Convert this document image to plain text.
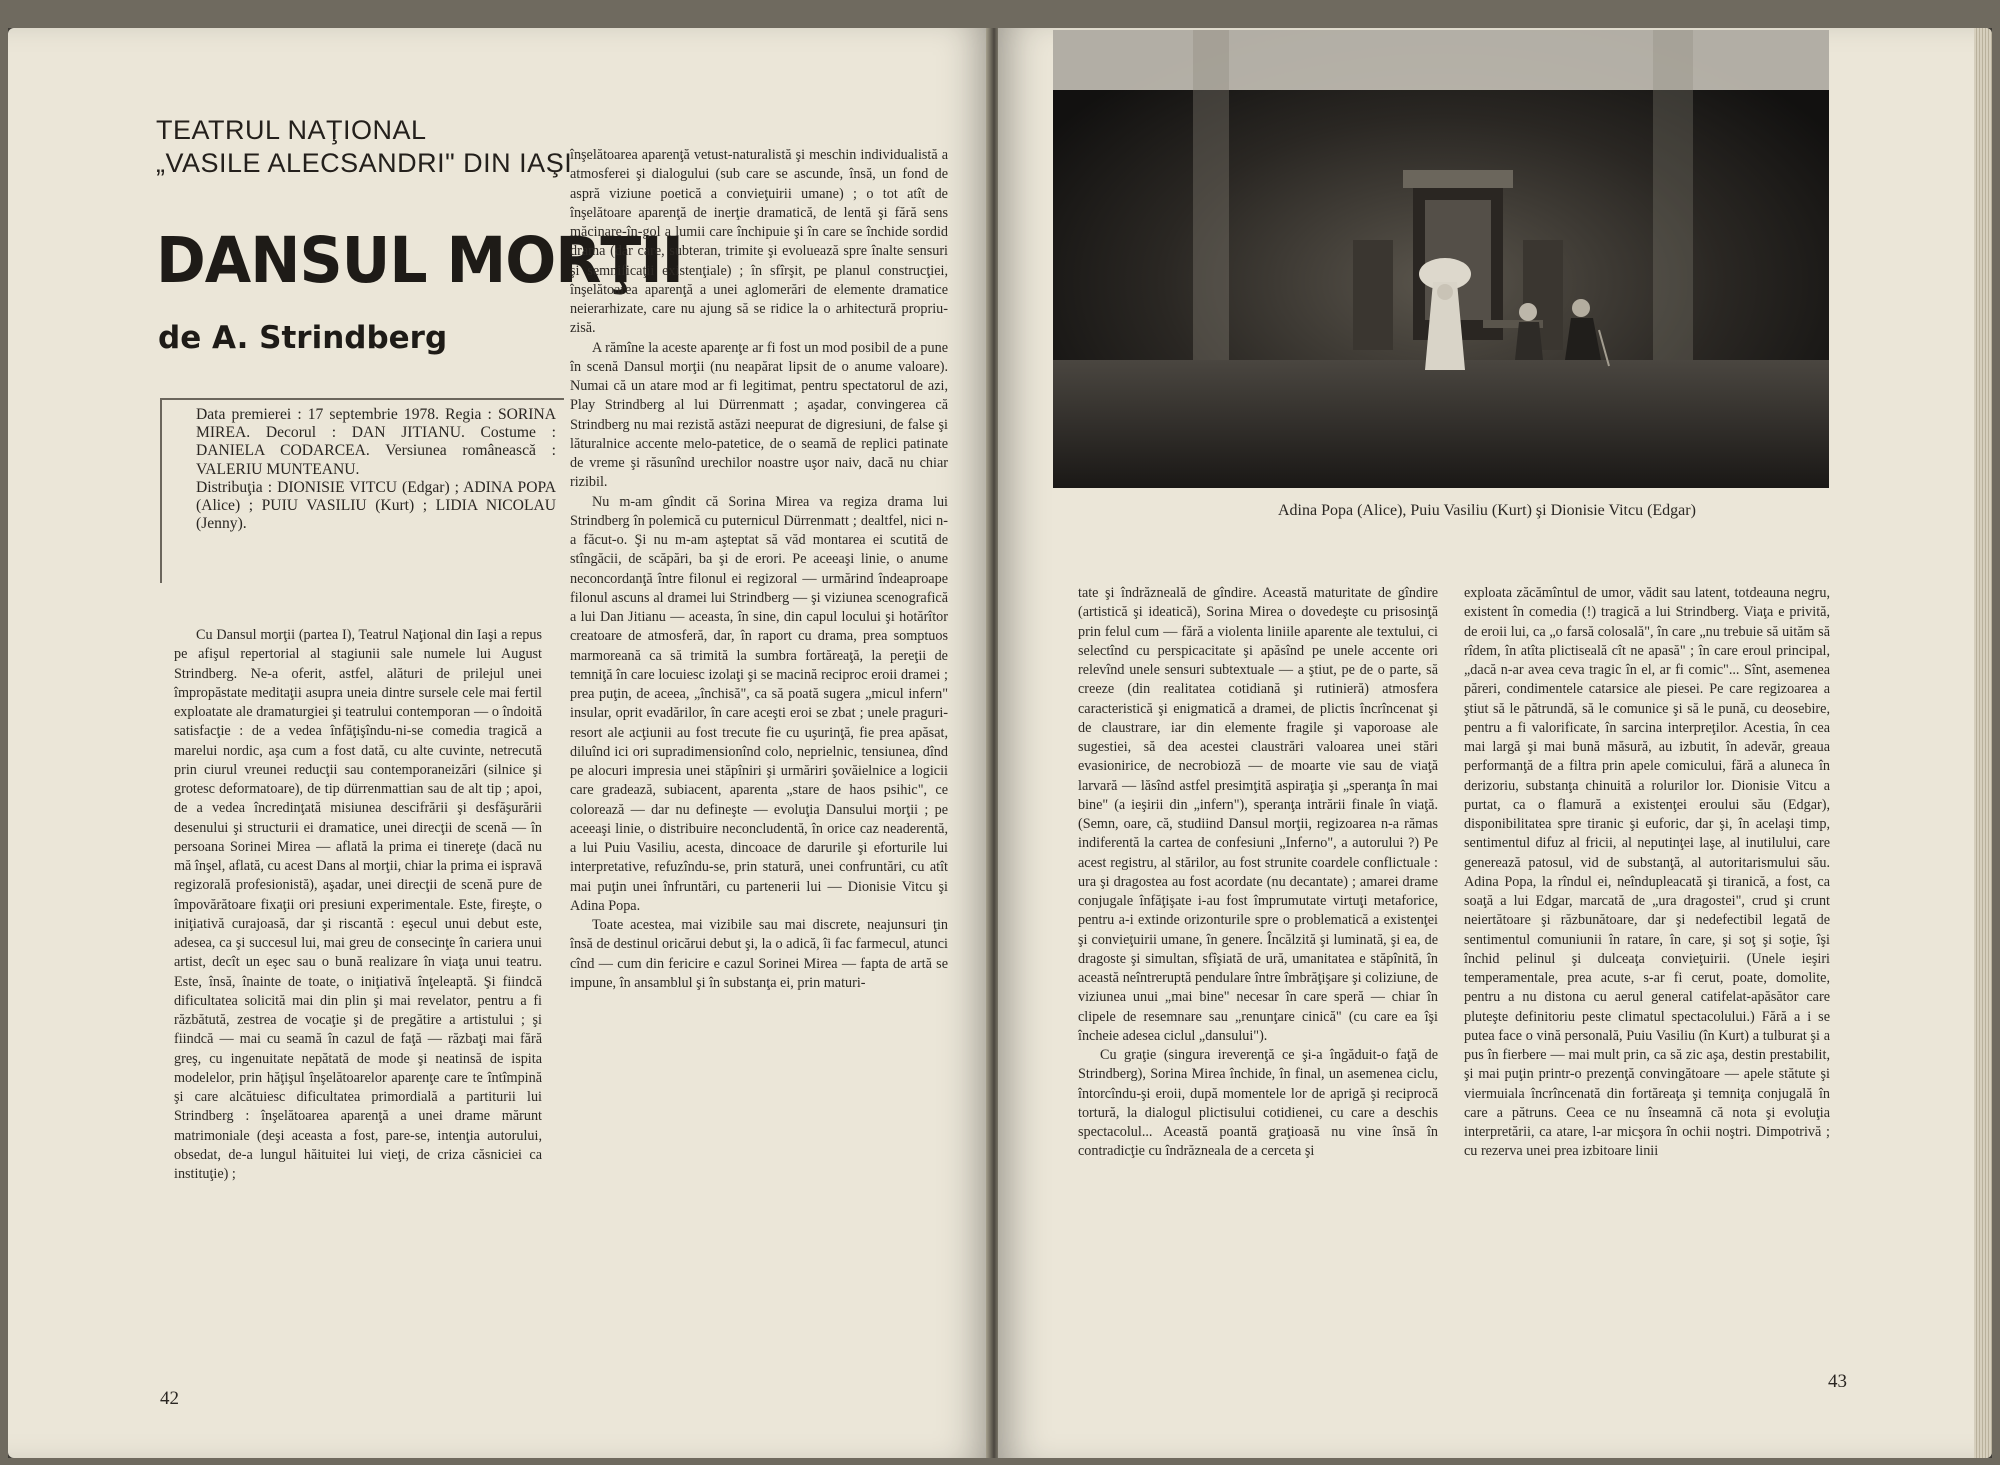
TEATRUL NAŢIONAL
„VASILE ALECSANDRI" DIN IAŞI
DANSUL MORŢII
de A. Strindberg

Data premierei : 17 septembrie 1978. Regia : SORINA MIREA. Decorul : DAN JITIANU. Costume : DANIELA CODARCEA. Versiunea românească : VALERIU MUNTEANU.

Distribuţia : DIONISIE VITCU (Edgar) ; ADINA POPA (Alice) ; PUIU VASILIU (Kurt) ; LIDIA NICOLAU (Jenny).

Cu Dansul morţii (partea I), Teatrul Naţional din Iaşi a repus pe afişul repertorial al stagiunii sale numele lui August Strindberg. Ne-a oferit, astfel, alături de prilejul unei împropăstate meditaţii asupra uneia dintre sursele cele mai fertil exploatate ale dramaturgiei şi teatrului contemporan — o îndoită satisfacţie : de a vedea înfăţişîndu-ni-se comedia tragică a marelui nordic, aşa cum a fost dată, cu alte cuvinte, netrecută prin ciurul vreunei reducţii sau contemporaneizări (silnice şi grotesc deformatoare), de tip dürrenmattian sau de alt tip ; apoi, de a vedea încredinţată misiunea descifrării şi desfăşurării desenului şi structurii ei dramatice, unei direcţii de scenă — în persoana Sorinei Mirea — aflată la prima ei tinereţe (dacă nu mă înşel, aflată, cu acest Dans al morţii, chiar la prima ei ispravă regizorală profesionistă), aşadar, unei direcţii de scenă pure de împovărătoare fixaţii ori presiuni experimentale. Este, fireşte, o iniţiativă curajoasă, dar şi riscantă : eşecul unui debut este, adesea, ca şi succesul lui, mai greu de consecinţe în cariera unui artist, decît un eşec sau o bună realizare în viaţa unui teatru. Este, însă, înainte de toate, o iniţiativă înţeleaptă. Şi fiindcă dificultatea solicită mai din plin şi mai revelator, pentru a fi răzbătută, zestrea de vocaţie şi de pregătire a artistului ; şi fiindcă — mai cu seamă în cazul de faţă — răzbaţi mai fără greş, cu ingenuitate nepătată de mode şi neatinsă de ispita modelelor, prin hăţişul înşelătoarelor aparenţe care te întîmpină şi care alcătuiesc dificultatea primordială a partiturii lui Strindberg : înşelătoarea aparenţă a unei drame mărunt matrimoniale (deşi aceasta a fost, pare-se, intenţia autorului, obsedat, de-a lungul hăituitei lui vieţi, de criza căsniciei ca instituţie) ;

înşelătoarea aparenţă vetust-naturalistă şi meschin individualistă a atmosferei şi dialogului (sub care se ascunde, însă, un fond de aspră viziune poetică a convieţuirii umane) ; o tot atît de înşelătoare aparenţă de inerţie dramatică, de lentă şi fără sens măcinare-în-gol a lumii care închipuie şi în care se închide sordid drama (dar care, subteran, trimite şi evoluează spre înalte sensuri şi semnificaţii existenţiale) ; în sfîrşit, pe planul construcţiei, înşelătoarea aparenţă a unei aglomerări de elemente dramatice neierarhizate, care nu ajung să se ridice la o arhitectură propriu-zisă.

A rămîne la aceste aparenţe ar fi fost un mod posibil de a pune în scenă Dansul morţii (nu neapărat lipsit de o anume valoare). Numai că un atare mod ar fi legitimat, pentru spectatorul de azi, Play Strindberg al lui Dürrenmatt ; aşadar, convingerea că Strindberg nu mai rezistă astăzi neepurat de digresiuni, de false şi lăturalnice accente melo-patetice, de o seamă de replici patinate de vreme şi răsunînd urechilor noastre uşor naiv, dacă nu chiar rizibil.

Nu m-am gîndit că Sorina Mirea va regiza drama lui Strindberg în polemică cu puternicul Dürrenmatt ; dealtfel, nici n-a făcut-o. Şi nu m-am aşteptat să văd montarea ei scutită de stîngăcii, de scăpări, ba şi de erori. Pe aceeaşi linie, o anume neconcordanţă între filonul ei regizoral — urmărind îndeaproape filonul ascuns al dramei lui Strindberg — şi viziunea scenografică a lui Dan Jitianu — aceasta, în sine, din capul locului şi hotărîtor creatoare de atmosferă, dar, în raport cu drama, prea somptuos marmoreană ca să trimită la sumbra fortăreaţă, la pereţii de temniţă în care locuiesc izolaţi şi se macină reciproc eroii dramei ; prea puţin, de aceea, „închisă", ca să poată sugera „micul infern" insular, oprit evadărilor, în care aceşti eroi se zbat ; unele praguri-resort ale acţiunii au fost trecute fie cu uşurinţă, fie prea apăsat, diluînd ici ori supradimensionînd colo, neprielnic, tensiunea, dînd pe alocuri impresia unei stăpîniri şi urmăriri şovăielnice a logicii care gradează, subiacent, aparenta „stare de haos psihic", ce colorează — dar nu defineşte — evoluţia Dansului morţii ; pe aceeaşi linie, o distribuire neconcludentă, în orice caz neaderentă, a lui Puiu Vasiliu, acesta, dincoace de darurile şi eforturile lui interpretative, refuzîndu-se, prin statură, unei confruntări, cu atît mai puţin unei înfruntări, cu partenerii lui — Dionisie Vitcu şi Adina Popa.

Toate acestea, mai vizibile sau mai discrete, neajunsuri ţin însă de destinul oricărui debut şi, la o adică, îi fac farmecul, atunci cînd — cum din fericire e cazul Sorinei Mirea — fapta de artă se impune, în ansamblul şi în substanţa ei, prin maturi-

42
Adina Popa (Alice), Puiu Vasiliu (Kurt) şi Dionisie Vitcu (Edgar)

tate şi îndrăzneală de gîndire. Această maturitate de gîndire (artistică şi ideatică), Sorina Mirea o dovedeşte cu prisosinţă prin felul cum — fără a violenta liniile aparente ale textului, ci selectînd cu perspicacitate şi apăsînd pe unele accente ori relevînd unele sensuri subtextuale — a ştiut, pe de o parte, să creeze (din realitatea cotidiană şi rutinieră) atmosfera caracteristică şi enigmatică a dramei, de plictis încrîncenat şi de claustrare, iar din elemente fragile şi vaporoase ale sugestiei, să dea acestei claustrări valoarea unei stări evasionirice, de necrobioză — de moarte vie sau de viaţă larvară — lăsînd astfel presimţită aspiraţia şi „speranţa în mai bine" (a ieşirii din „infern"), speranţa intrării finale în viaţă. (Semn, oare, că, studiind Dansul morţii, regizoarea n-a rămas indiferentă la cartea de confesiuni „Inferno", a autorului ?) Pe acest registru, al stărilor, au fost strunite coardele conflictuale : ura şi dragostea au fost acordate (nu decantate) ; amarei drame conjugale înfăţişate i-au fost împrumutate virtuţi metaforice, pentru a-i extinde orizonturile spre o problematică a existenţei şi convieţuirii umane, în genere. Încălzită şi luminată, şi ea, de dragoste şi simultan, sfîşiată de ură, umanitatea e stăpînită, în această neîntreruptă pendulare între îmbrăţişare şi coliziune, de viziunea unui „mai bine" necesar în care speră — chiar în clipele de resemnare sau „renunţare cinică" (cu care ea îşi încheie adesea ciclul „dansului").

Cu graţie (singura ireverenţă ce şi-a îngăduit-o faţă de Strindberg), Sorina Mirea închide, în final, un asemenea ciclu, întorcîndu-şi eroii, după momentele lor de aprigă şi reciprocă tortură, la dialogul plictisului cotidienei, cu care a deschis spectacolul... Această poantă graţioasă nu vine însă în contradicţie cu îndrăzneala de a cerceta şi

exploata zăcămîntul de umor, vădit sau latent, totdeauna negru, existent în comedia (!) tragică a lui Strindberg. Viaţa e privită, de eroii lui, ca „o farsă colosală", în care „nu trebuie să uităm să rîdem, în atîta plictiseală cît ne apasă" ; în care eroul principal, „dacă n-ar avea ceva tragic în el, ar fi comic"... Sînt, asemenea păreri, condimentele catarsice ale piesei. Pe care regizoarea a ştiut să le pătrundă, să le comunice şi să le pună, cu deosebire, pentru a fi valorificate, în sarcina interpreţilor. Acestia, în cea mai largă şi mai bună măsură, au izbutit, în adevăr, greaua performanţă de a filtra prin apele comicului, fără a aluneca în derizoriu, substanţa chinuită a rolurilor lor. Dionisie Vitcu a purtat, ca o flamură a existenţei eroului său (Edgar), disponibilitatea spre tiranic şi euforic, dar şi, în acelaşi timp, sentimentul difuz al fricii, al neputinţei laşe, al inutilului, care generează patosul, vid de substanţă, al autoritarismului său. Adina Popa, la rîndul ei, neîndupleacată şi tiranică, a fost, ca soaţă a lui Edgar, marcată de „ura dragostei", crud şi crunt neiertătoare şi răzbunătoare, dar şi nedefectibil legată de sentimentul comuniunii în ratare, în care, şi soţ şi soţie, îşi închid pelinul şi dulceaţa convieţuirii. (Unele ieşiri temperamentale, prea acute, s-ar fi cerut, poate, domolite, pentru a nu distona cu aerul general catifelat-apăsător care pluteşte definitoriu peste climatul spectacolului.) Fără a i se putea face o vină personală, Puiu Vasiliu (în Kurt) a tulburat şi a pus în fierbere — mai mult prin, ca să zic aşa, destin prestabilit, şi mai puţin printr-o prezenţă convingătoare — apele stătute şi viermuiala încrîncenată din fortăreaţa şi temniţa conjugală în care a pătruns. Ceea ce nu înseamnă că nota şi evoluţia interpretării, ca atare, l-ar micşora în ochii noştri. Dimpotrivă ; cu rezerva unei prea izbitoare linii

43
